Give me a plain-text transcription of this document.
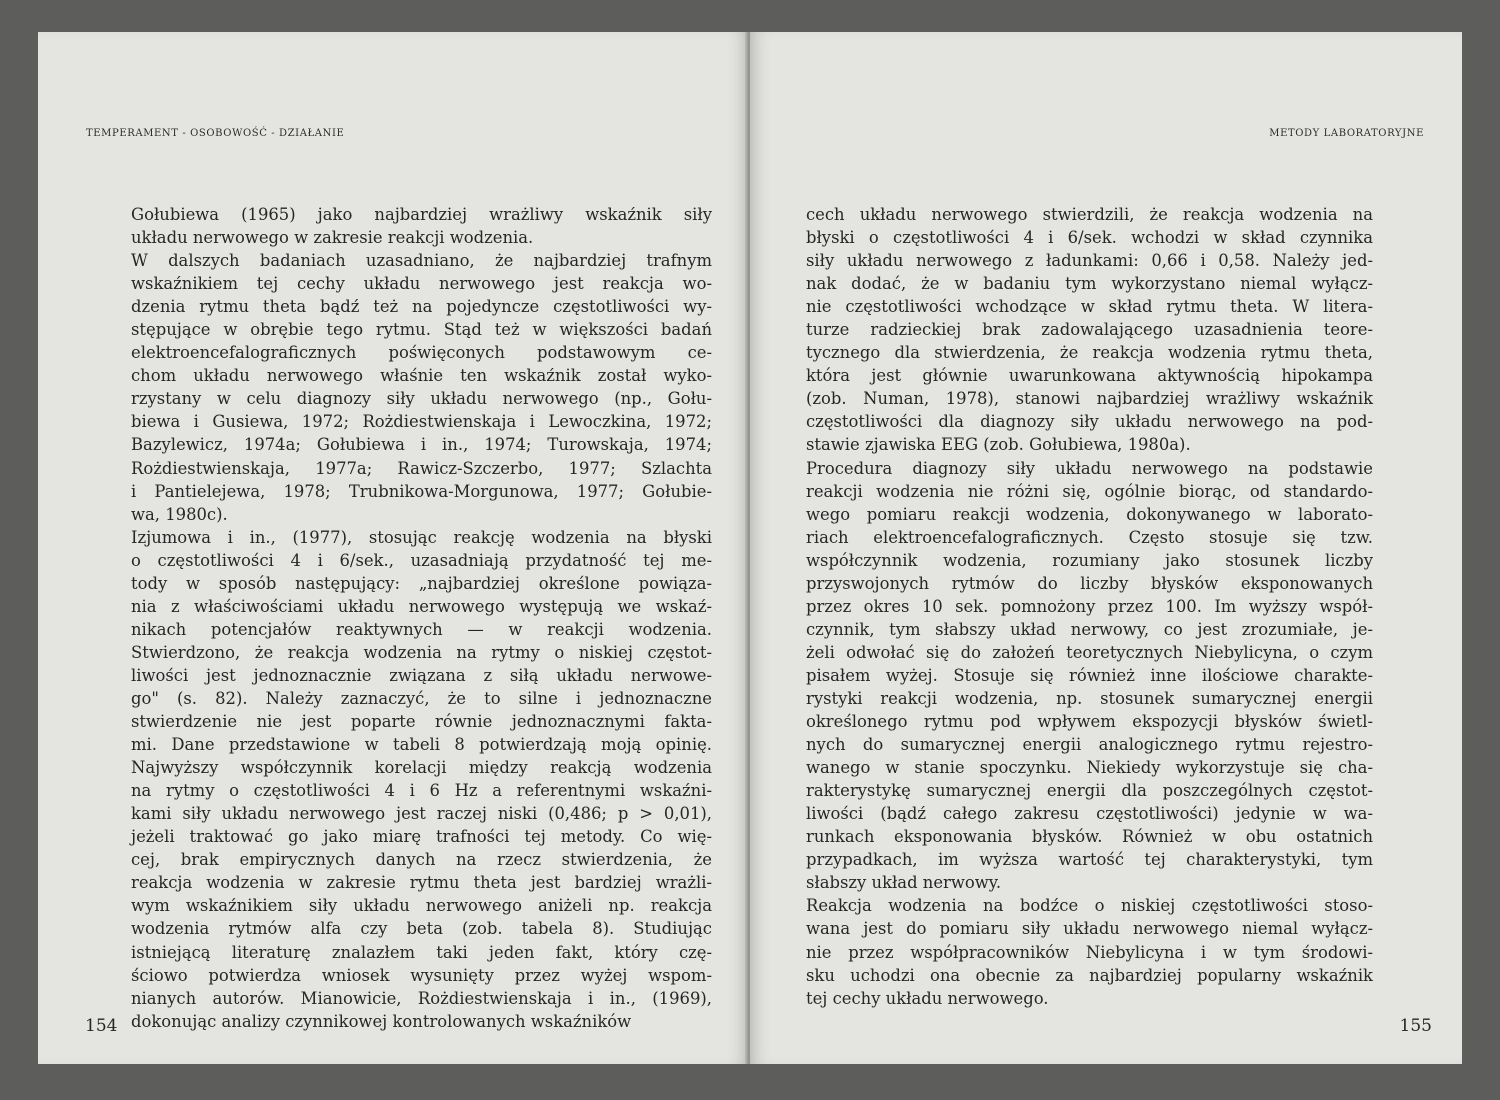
TEMPERAMENT - OSOBOWOŚĆ - DZIAŁANIE
Gołubiewa (1965) jako najbardziej wrażliwy wskaźnik siły
układu nerwowego w zakresie reakcji wodzenia.
W dalszych badaniach uzasadniano, że najbardziej trafnym
wskaźnikiem tej cechy układu nerwowego jest reakcja wo-
dzenia rytmu theta bądź też na pojedyncze częstotliwości wy-
stępujące w obrębie tego rytmu. Stąd też w większości badań
elektroencefalograficznych poświęconych podstawowym ce-
chom układu nerwowego właśnie ten wskaźnik został wyko-
rzystany w celu diagnozy siły układu nerwowego (np., Gołu-
biewa i Gusiewa, 1972; Rożdiestwienskaja i Lewoczkina, 1972;
Bazylewicz, 1974a; Gołubiewa i in., 1974; Turowskaja, 1974;
Rożdiestwienskaja, 1977a; Rawicz-Szczerbo, 1977; Szlachta
i Pantielejewa, 1978; Trubnikowa-Morgunowa, 1977; Gołubie-
wa, 1980c).
Izjumowa i in., (1977), stosując reakcję wodzenia na błyski
o częstotliwości 4 i 6/sek., uzasadniają przydatność tej me-
tody w sposób następujący: „najbardziej określone powiąza-
nia z właściwościami układu nerwowego występują we wskaź-
nikach potencjałów reaktywnych — w reakcji wodzenia.
Stwierdzono, że reakcja wodzenia na rytmy o niskiej częstot-
liwości jest jednoznacznie związana z siłą układu nerwowe-
go" (s. 82). Należy zaznaczyć, że to silne i jednoznaczne
stwierdzenie nie jest poparte równie jednoznacznymi fakta-
mi. Dane przedstawione w tabeli 8 potwierdzają moją opinię.
Najwyższy współczynnik korelacji między reakcją wodzenia
na rytmy o częstotliwości 4 i 6 Hz a referentnymi wskaźni-
kami siły układu nerwowego jest raczej niski (0,486; p > 0,01),
jeżeli traktować go jako miarę trafności tej metody. Co wię-
cej, brak empirycznych danych na rzecz stwierdzenia, że
reakcja wodzenia w zakresie rytmu theta jest bardziej wrażli-
wym wskaźnikiem siły układu nerwowego aniżeli np. reakcja
wodzenia rytmów alfa czy beta (zob. tabela 8). Studiując
istniejącą literaturę znalazłem taki jeden fakt, który czę-
ściowo potwierdza wniosek wysunięty przez wyżej wspom-
nianych autorów. Mianowicie, Rożdiestwienskaja i in., (1969),
dokonując analizy czynnikowej kontrolowanych wskaźników
154
METODY LABORATORYJNE
cech układu nerwowego stwierdzili, że reakcja wodzenia na
błyski o częstotliwości 4 i 6/sek. wchodzi w skład czynnika
siły układu nerwowego z ładunkami: 0,66 i 0,58. Należy jed-
nak dodać, że w badaniu tym wykorzystano niemal wyłącz-
nie częstotliwości wchodzące w skład rytmu theta. W litera-
turze radzieckiej brak zadowalającego uzasadnienia teore-
tycznego dla stwierdzenia, że reakcja wodzenia rytmu theta,
która jest głównie uwarunkowana aktywnością hipokampa
(zob. Numan, 1978), stanowi najbardziej wrażliwy wskaźnik
częstotliwości dla diagnozy siły układu nerwowego na pod-
stawie zjawiska EEG (zob. Gołubiewa, 1980a).
Procedura diagnozy siły układu nerwowego na podstawie
reakcji wodzenia nie różni się, ogólnie biorąc, od standardo-
wego pomiaru reakcji wodzenia, dokonywanego w laborato-
riach elektroencefalograficznych. Często stosuje się tzw.
współczynnik wodzenia, rozumiany jako stosunek liczby
przyswojonych rytmów do liczby błysków eksponowanych
przez okres 10 sek. pomnożony przez 100. Im wyższy współ-
czynnik, tym słabszy układ nerwowy, co jest zrozumiałe, je-
żeli odwołać się do założeń teoretycznych Niebylicyna, o czym
pisałem wyżej. Stosuje się również inne ilościowe charakte-
rystyki reakcji wodzenia, np. stosunek sumarycznej energii
określonego rytmu pod wpływem ekspozycji błysków świetl-
nych do sumarycznej energii analogicznego rytmu rejestro-
wanego w stanie spoczynku. Niekiedy wykorzystuje się cha-
rakterystykę sumarycznej energii dla poszczególnych częstot-
liwości (bądź całego zakresu częstotliwości) jedynie w wa-
runkach eksponowania błysków. Również w obu ostatnich
przypadkach, im wyższa wartość tej charakterystyki, tym
słabszy układ nerwowy.
Reakcja wodzenia na bodźce o niskiej częstotliwości stoso-
wana jest do pomiaru siły układu nerwowego niemal wyłącz-
nie przez współpracowników Niebylicyna i w tym środowi-
sku uchodzi ona obecnie za najbardziej popularny wskaźnik
tej cechy układu nerwowego.
155
